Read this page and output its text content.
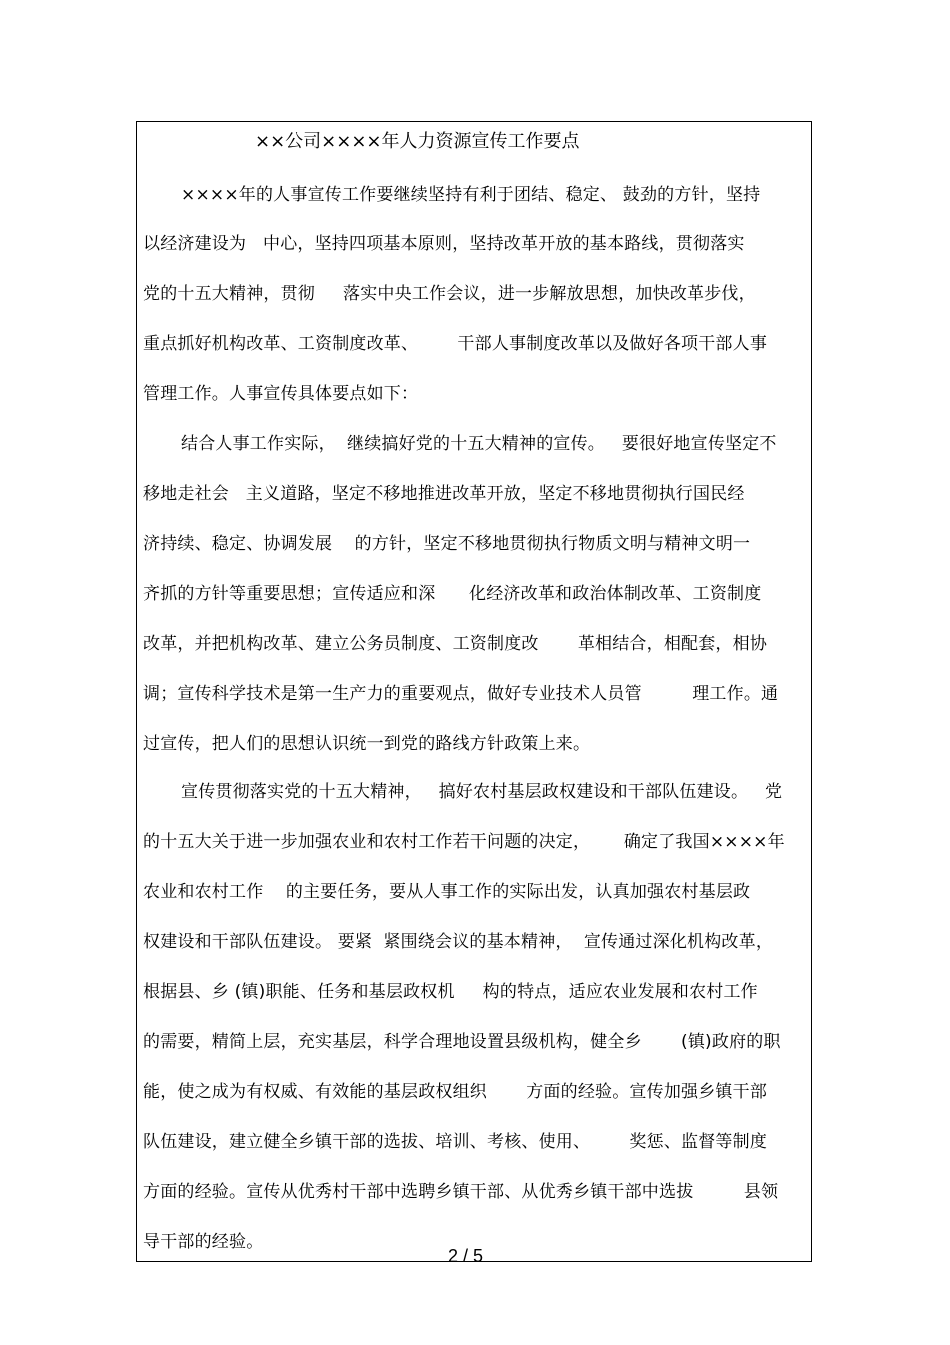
××公司××××年人力资源宣传工作要点
××××年的人事宣传工作要继续坚持有利于团结、稳定、 鼓劲的方针，坚持
以经济建设为   中心，坚持四项基本原则，坚持改革开放的基本路线，贯彻落实
党的十五大精神，贯彻     落实中央工作会议，进一步解放思想，加快改革步伐，
重点抓好机构改革、工资制度改革、       干部人事制度改革以及做好各项干部人事
管理工作。人事宣传具体要点如下：
结合人事工作实际，  继续搞好党的十五大精神的宣传。   要很好地宣传坚定不
移地走社会   主义道路，坚定不移地推进改革开放，坚定不移地贯彻执行国民经
济持续、稳定、协调发展    的方针，坚定不移地贯彻执行物质文明与精神文明一
齐抓的方针等重要思想；宣传适应和深      化经济改革和政治体制改革、工资制度
改革，并把机构改革、建立公务员制度、工资制度改       革相结合，相配套，相协
调；宣传科学技术是第一生产力的重要观点，做好专业技术人员管         理工作。通
过宣传，把人们的思想认识统一到党的路线方针政策上来。
宣传贯彻落实党的十五大精神，   搞好农村基层政权建设和干部队伍建设。   党
的十五大关于进一步加强农业和农村工作若干问题的决定，      确定了我国××××年
农业和农村工作    的主要任务，要从人事工作的实际出发，认真加强农村基层政
权建设和干部队伍建设。 要紧  紧围绕会议的基本精神，  宣传通过深化机构改革，
根据县、乡 (镇)职能、任务和基层政权机     构的特点，适应农业发展和农村工作
的需要，精简上层，充实基层，科学合理地设置县级机构，健全乡       (镇)政府的职
能，使之成为有权威、有效能的基层政权组织       方面的经验。宣传加强乡镇干部
队伍建设，建立健全乡镇干部的选拔、培训、考核、使用、       奖惩、监督等制度
方面的经验。宣传从优秀村干部中选聘乡镇干部、从优秀乡镇干部中选拔         县领
导干部的经验。
2 / 5
